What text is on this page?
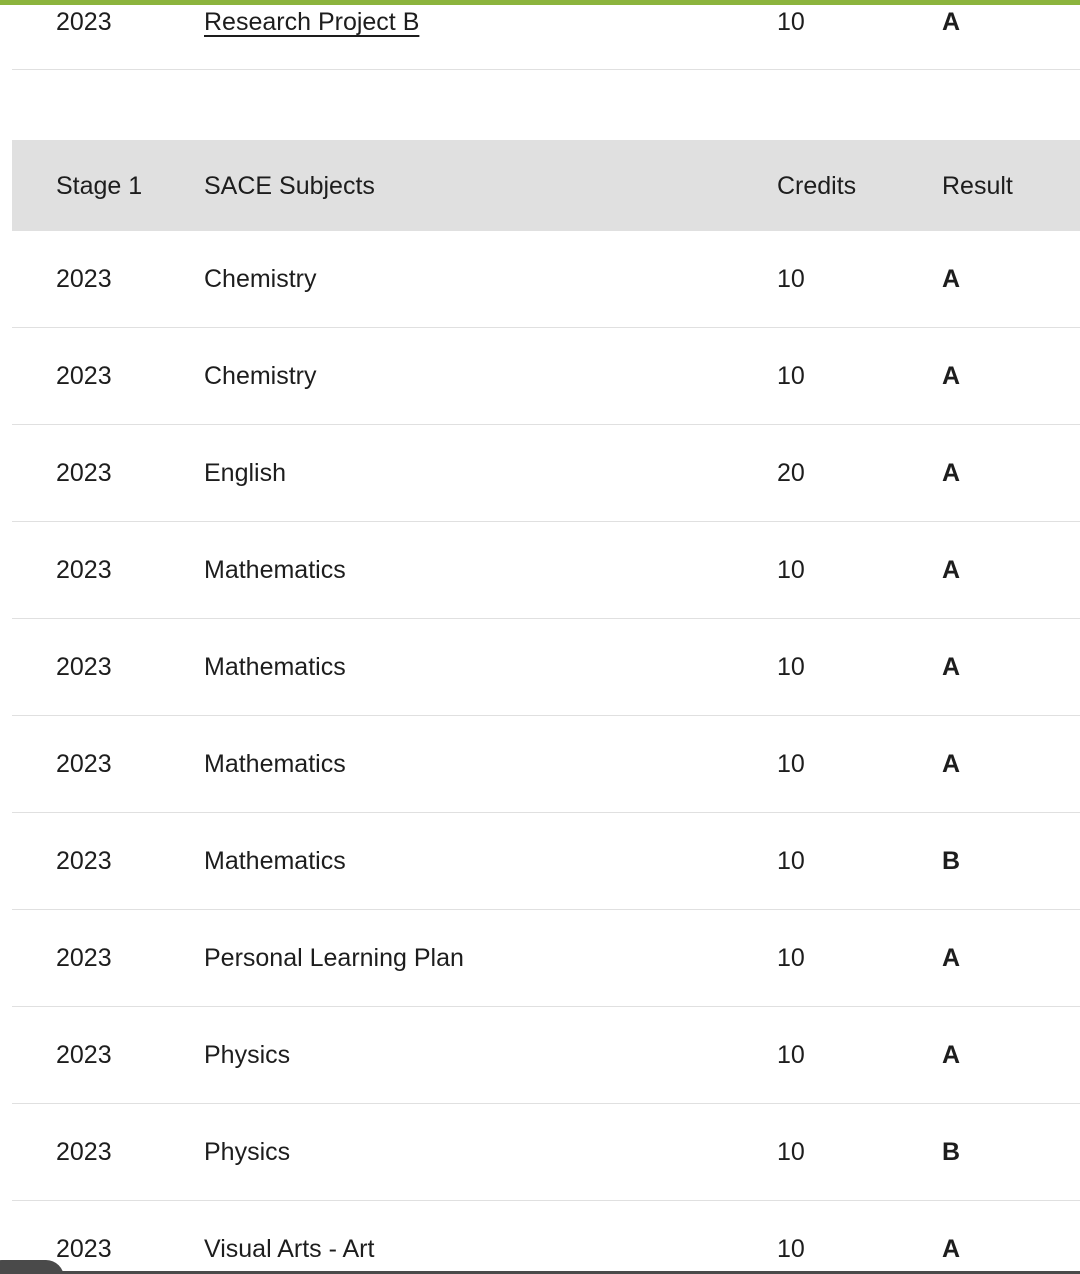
2023	Research Project B	10	A
Stage 1	SACE Subjects	Credits	Result
2023	Chemistry	10	A
2023	Chemistry	10	A
2023	English	20	A
2023	Mathematics	10	A
2023	Mathematics	10	A
2023	Mathematics	10	A
2023	Mathematics	10	B
2023	Personal Learning Plan	10	A
2023	Physics	10	A
2023	Physics	10	B
2023	Visual Arts - Art	10	A
